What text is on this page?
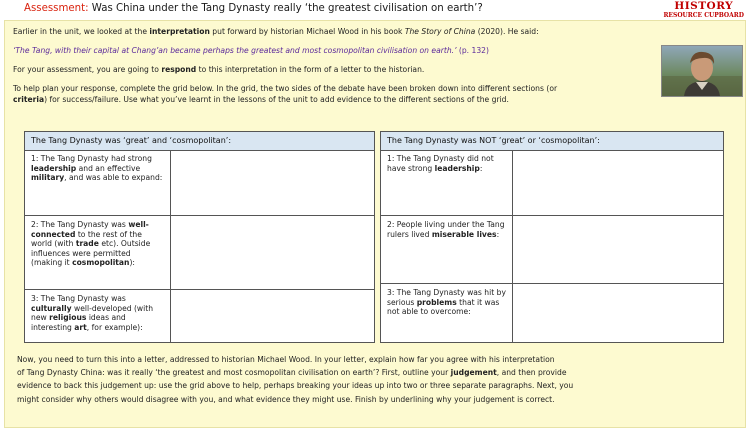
Assessment: Was China under the Tang Dynasty really ‘the greatest civilisation on earth’?	HISTORY
RESOURCE CUPBOARD
Earlier in the unit, we looked at the interpretation put forward by historian Michael Wood in his book The Story of China (2020). He said:
‘The Tang, with their capital at Chang’an became perhaps the greatest and most cosmopolitan civilisation on earth.’ (p. 132)
For your assessment, you are going to respond to this interpretation in the form of a letter to the historian.
To help plan your response, complete the grid below. In the grid, the two sides of the debate have been broken down into different sections (or
criteria) for success/failure. Use what you’ve learnt in the lessons of the unit to add evidence to the different sections of the grid.
The Tang Dynasty was ‘great’ and ‘cosmopolitan’:
1: The Tang Dynasty had strong leadership and an effective military, and was able to expand:
2: The Tang Dynasty was well-connected to the rest of the world (with trade etc). Outside influences were permitted (making it cosmopolitan):
3: The Tang Dynasty was culturally well-developed (with new religious ideas and interesting art, for example):
The Tang Dynasty was NOT ‘great’ or ‘cosmopolitan’:
1: The Tang Dynasty did not have strong leadership:
2: People living under the Tang rulers lived miserable lives:
3: The Tang Dynasty was hit by serious problems that it was not able to overcome:
Now, you need to turn this into a letter, addressed to historian Michael Wood. In your letter, explain how far you agree with his interpretation
of Tang Dynasty China: was it really ‘the greatest and most cosmopolitan civilisation on earth’? First, outline your judgement, and then provide
evidence to back this judgement up: use the grid above to help, perhaps breaking your ideas up into two or three separate paragraphs. Next, you
might consider why others would disagree with you, and what evidence they might use. Finish by underlining why your judgement is correct.
